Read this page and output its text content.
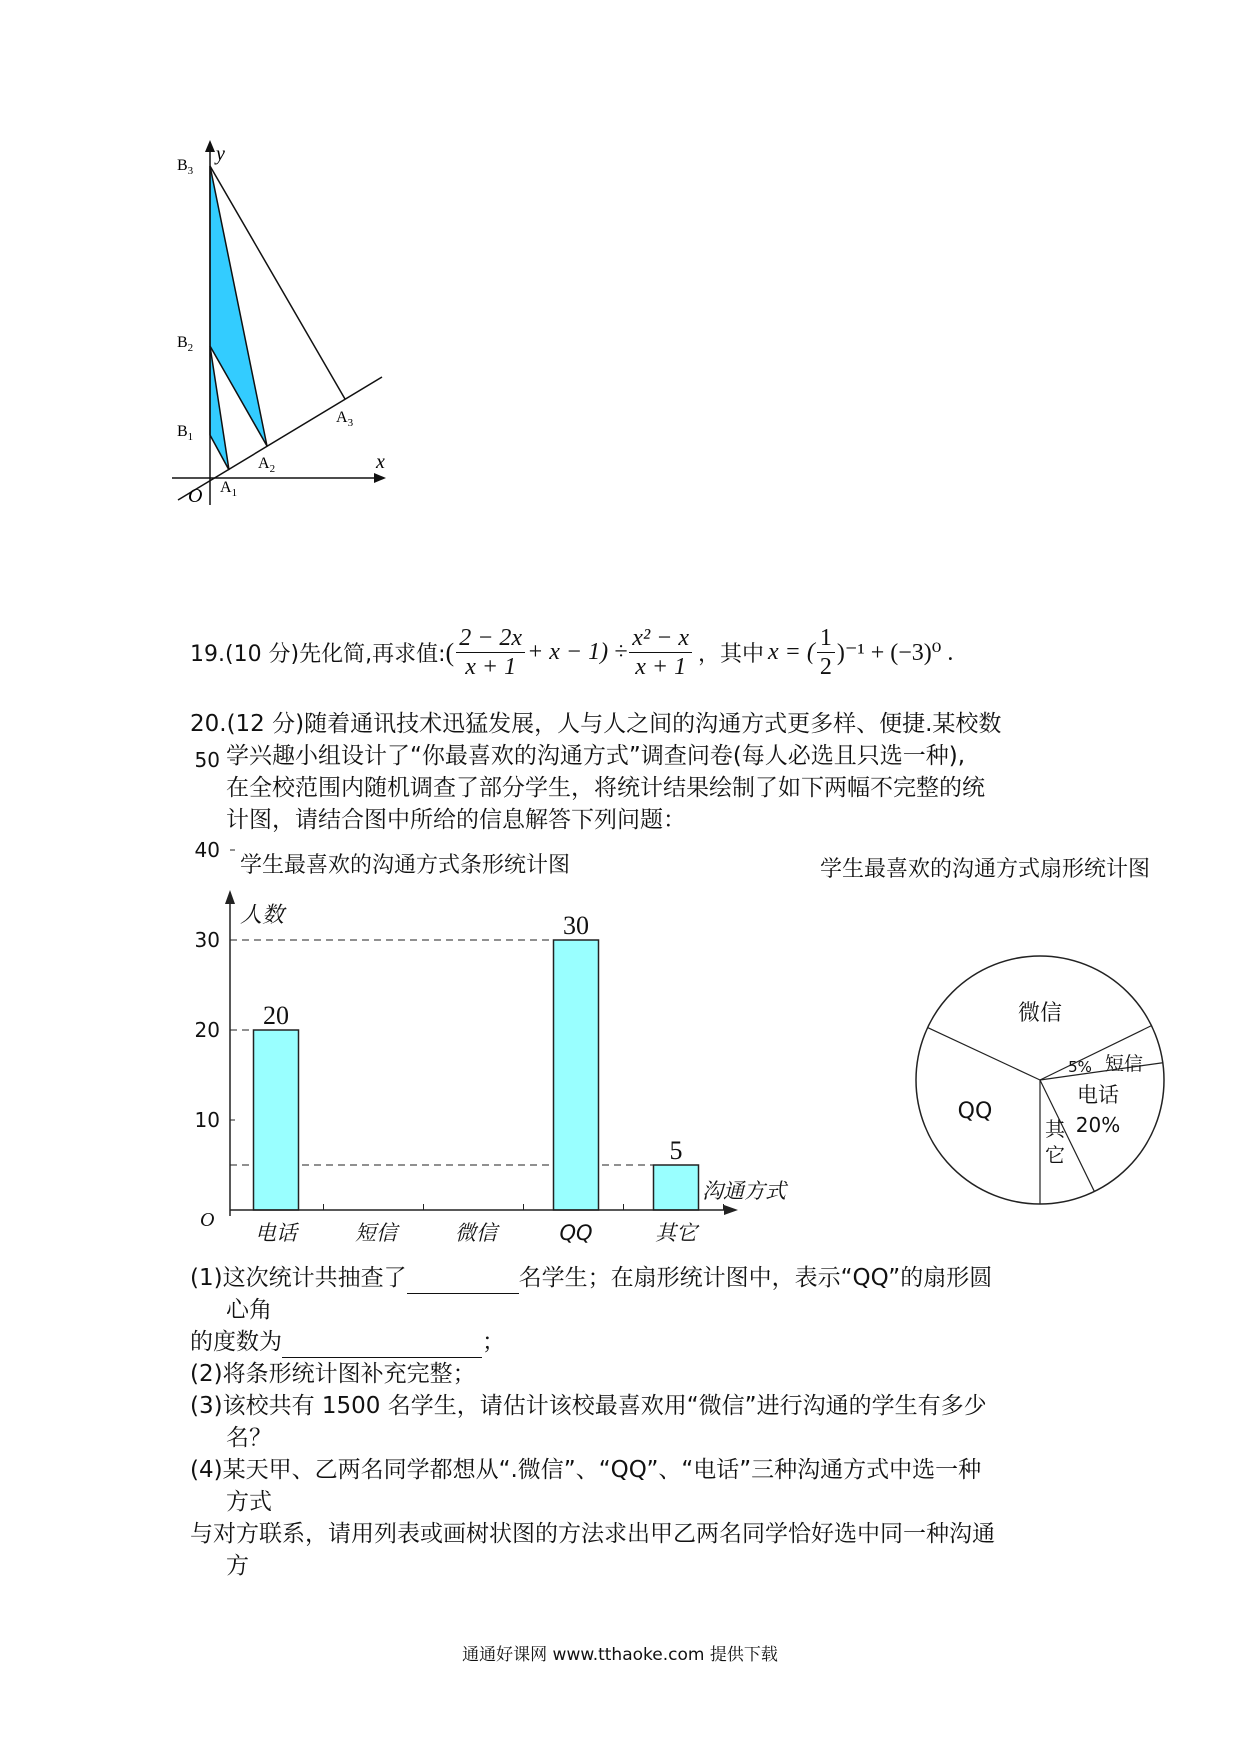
y
x
O
$B_3$
$B_2$
$B_1$
$A_1$
$A_2$
$A_3$
19.(10 分)先化简,再求值: ( $\frac{2 - 2x}{x + 1} + x - 1) \div \frac{\text{x² − x}}{x + 1}$ ，其中 x = ( $\frac{1}{2} )^{-1} + (-3)^0$ .
20.(12 分)随着通讯技术迅猛发展，人与人之间的沟通方式更多样、便捷.某校数
学兴趣小组设计了“你最喜欢的沟通方式”调查问卷(每人必选且只选一种),
在全校范围内随机调查了部分学生，将统计结果绘制了如下两幅不完整的统
计图，请结合图中所给的信息解答下列问题：
学生最喜欢的沟通方式条形统计图
20
电话	短信	微信
30
QQ
5
其它
10
20
30
40
50
人数
沟通方式
O
学生最喜欢的沟通方式扇形统计图
微信
短信
5%
电话
20%
其
它
QQ
(1)这次统计共抽查了	名学生；在扇形统计图中，表示“QQ”的扇形圆
心角
的度数为	；
(2)将条形统计图补充完整；
(3)该校共有 1500 名学生，请估计该校最喜欢用“微信”进行沟通的学生有多少
名？
(4)某天甲、乙两名同学都想从“.微信”、“QQ”、“电话”三种沟通方式中选一种
方式
与对方联系，请用列表或画树状图的方法求出甲乙两名同学恰好选中同一种沟通
方
通通好课网 www.tthaoke.com 提供下载
